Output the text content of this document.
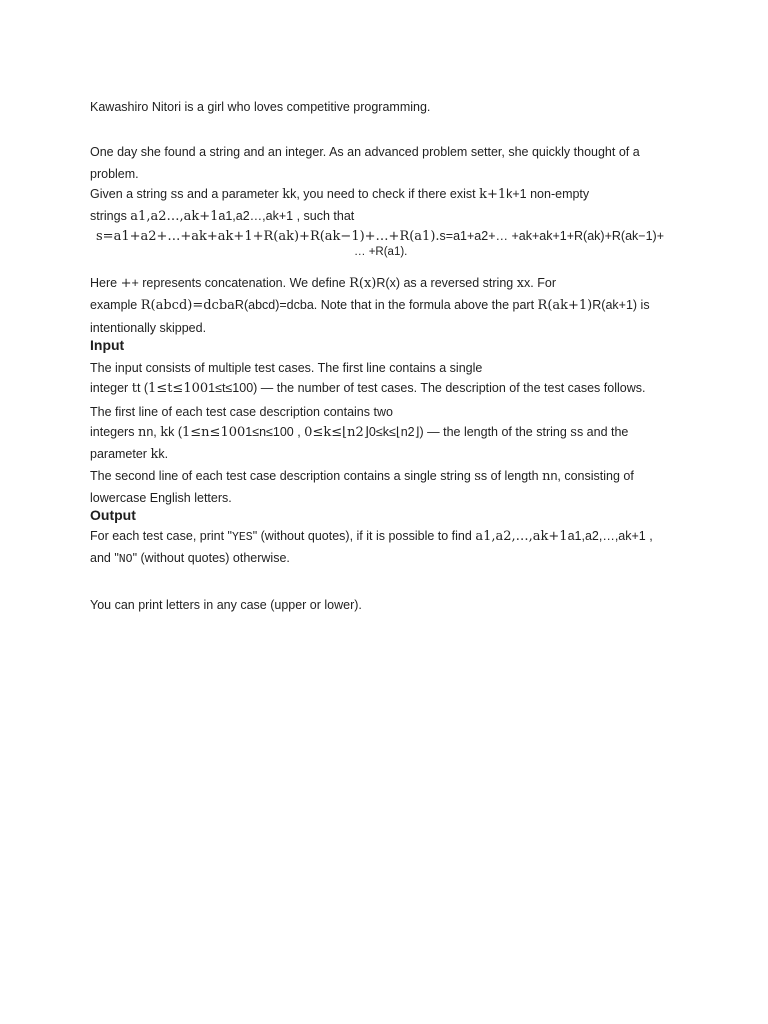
Kawashiro Nitori is a girl who loves competitive programming.

One day she found a string and an integer. As an advanced problem setter, she quickly thought of a

problem.

Given a string ss and a parameter kk, you need to check if there exist k+1k+1 non-empty

strings a1,a2…,ak+1a1,a2…,ak+1 , such that

s=a1+a2+…+ak+ak+1+R(ak)+R(ak−1)+…+R(a1).s=a1+a2+… +ak+ak+1+R(ak)+R(ak−1)+

… +R(a1).

Here ++ represents concatenation. We define R(x)R(x) as a reversed string xx. For

example R(abcd)=dcbaR(abcd)=dcba. Note that in the formula above the part R(ak+1)R(ak+1) is

intentionally skipped.

Input

The input consists of multiple test cases. The first line contains a single

integer tt (1≤t≤1001≤t≤100) — the number of test cases. The description of the test cases follows.

The first line of each test case description contains two

integers nn, kk (1≤n≤1001≤n≤100 , 0≤k≤⌊n2⌋0≤k≤⌊n2⌋) — the length of the string ss and the

parameter kk.

The second line of each test case description contains a single string ss of length nn, consisting of

lowercase English letters.

Output

For each test case, print "YES" (without quotes), if it is possible to find a1,a2,…,ak+1a1,a2,…,ak+1 ,

and "NO" (without quotes) otherwise.

You can print letters in any case (upper or lower).
